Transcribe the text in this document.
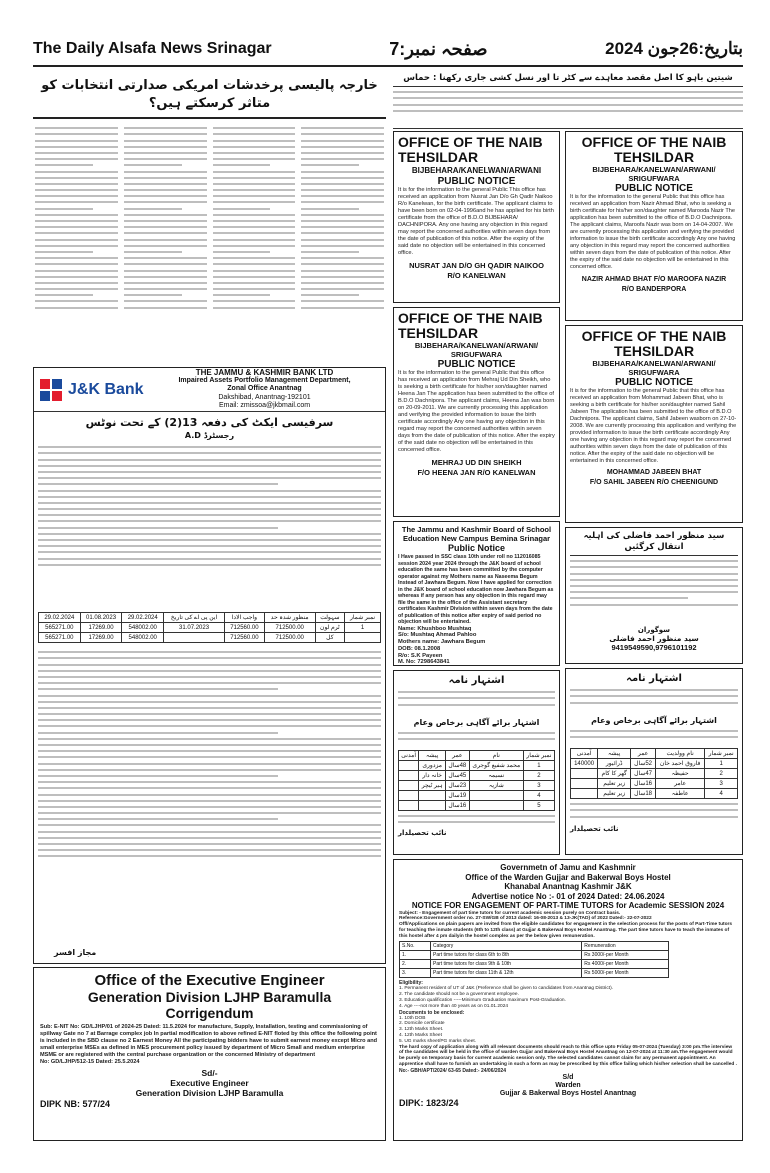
The Daily Alsafa News Srinagar	صفحہ نمبر:7	بتاریخ:26جون 2024
خارجہ پالیسی پرخدشات امریکی صدارتی انتخابات کو متاثر کرسکتے ہیں؟
J&K Bank
THE JAMMU & KASHMIR BANK LTD
Impaired Assets Portfolio Management Department,
Zonal Office Anantnag
Dakshibad, Anantnag-192101
Email: zmissoa@jkbmail.com
سرفیسی ایکٹ کی دفعہ 13(2) کے تحت نوٹس
رجسٹرڈ A.D
29.02.2024	01.08.2023	29.02.2024	این پی اے کی تاریخ	واجب الادا	منظور شدہ حد	سہولت	نمبر شمار
565271.00	17269.00	548002.00	31.07.2023	712560.00	712500.00	ٹرم لون	1
565271.00	17269.00	548002.00		712560.00	712500.00	کل	
مجاز افسر
Office of the Executive Engineer
Generation Division LJHP Baramulla
Corrigendum
Sub: E-NIT No: GD/LJHP/01 of 2024-25 Dated: 11.5.2024 for manufacture, Supply, Installation, testing and commissioning of spillway Gate no 7 at Barrage complex job In partial modification to above refined E-NIT floted by this office the following point is included in the SBD clause no 2 Earnest Money All the participating bidders have to submit earnest money except Micro and small enterprise MSEs as defined in MES procurement policy issued by department of Micro Small and medium enterprise MSME or are registered with the central purchase organization or the concerned Ministry of department
No: GD/LJHP/512-15 Dated: 25.5.2024
Sd/-
Executive Engineer
Generation Division LJHP Baramulla
DIPK NB: 577/24
شیتین باہو کا اصل مقصد معاہدے سے کٹر تا اور نسل کشی جاری رکھنا : حماس
OFFICE OF THE NAIB
TEHSILDAR
BIJBEHARA/KANELWAN/ARWANI
PUBLIC NOTICE
It is for the information to the general Public This office has received an application from Nusrat Jan D/o Gh Qadir Naikoo R/o Kanelwan, for the birth certificate. The applicant claims to have been born on 02-04-1996and he has applied for his birth certificate from the office of B.D.O BIJBEHARA/ DACHNIPORA. Any one having any objection in this regard may report the concerned authorities within seven days from the date of publication of this notice. After the expiry of the said date no objection will be entertained in this concerned office.
NUSRAT JAN D/O GH QADIR NAIKOO
R/O KANELWAN
OFFICE OF THE NAIB
TEHSILDAR
BIJBEHARA/KANELWAN/ARWANI/
SRIGUFWARA
PUBLIC NOTICE
It is for the information to the general Public that this office has received an application from Nazir Ahmad Bhat, who is seeking a birth certificate for his/her son/daughter named Marooda Nazir The application has been submitted to the office of B.D.O Dachnipora. The applicant claims, Maroofa Nazir was born on 14-04-2007. We are currently processing this application and verifying the provided information to issue the birth certificate accordingly Any one having any objection in this regard may report the concerned authorities within seven days from the date of publication of this notice. After the expiry of the said date no objection will be entertained in this concerned office.
NAZIR AHMAD BHAT F/O MAROOFA NAZIR
R/O BANDERPORA
OFFICE OF THE NAIB
TEHSILDAR
BIJBEHARA/KANELWAN/ARWANI/
SRIGUFWARA
PUBLIC NOTICE
It is for the information to the general Public that this office has received an application from Mehraj Ud Din Sheikh, who is seeking a birth certificate for his/her son/daughter named Heena Jan The application has been submitted to the office of B.D.O Dachnipora. The applicant claims, Heena Jan was born on 20-09-2011. We are currently processing this application and verifying the provided information to issue the birth certificate accordingly Any one having any objection in this regard may report the concerned authorities within seven days from the date of publication of this notice. After the expiry of the said date no objection will be entertained in this concerned office.
MEHRAJ UD DIN SHEIKH
F/O HEENA JAN R/O KANELWAN
OFFICE OF THE NAIB
TEHSILDAR
BIJBEHARA/KANELWAN/ARWANI/
SRIGUFWARA
PUBLIC NOTICE
It is for the information to the general Public that this office has received an application from Mohammad Jabeen Bhat, who is seeking a birth certificate for his/her son/daughter named Sahil Jabeen The application has been submitted to the office of B.D.O Dachnipora. The applicant claims, Sahil Jabeen wasborn on 27-10-2008. We are currently processing this application and verifying the provided information to issue the birth certificate accordingly Any one having any objection in this regard may report the concerned authorities within seven days from the date of publication of this notice. After the expiry of the said date no objection will be entertained in this concerned office.
MOHAMMAD JABEEN BHAT
F/O SAHIL JABEEN R/O CHEENIGUND
The Jammu and Kashmir Board of School
Education New Campus Bemina Srinagar
Public Notice
I Have passed in SSC class 10th under roll no 112016085 session 2024 year 2024 through the J&K board of school education the same has been committed by the computer operator against my Mothers name as Naseema Begum Instead of Jawhara Begum. Now I have applied for correction in the J&K board of school education now Jawhara Begum as whereas if any person has any objection in this regard may file the same in the office of the Assistant secretary certificates Kashmir Division within seven days from the date of publication of this notice after expiry of said period no objection will be entertained.
Name: Khushboo Mushtaq
S/o: Mushtaq Ahmad Pahloo
Mothers name: Jawhara Begum
DOB: 08.1.2008
R/o: S.K Payeen
M. No: 7298643841
سید منظور احمد فاضلی کی اہلیہ انتقال کرگئیں
سوگوران
سید منظور احمد فاضلی
9419549590,9796101192
اشتہار نامہ
اشتہار برائے آگاہی برخاص وعام
نمبر شمار	نام	عمر	پیشہ	آمدنی
1	محمد شفیع گوجری	48سال	مزدوری	
2	نسیمہ	45سال	خانہ دار	
3	شازیہ	23سال	ہیر ٹیچر	
4		19سال		
5		16سال		
نائب تحصیلدار
اشتہار نامہ
اشتہار برائے آگاہی برخاص وعام
نمبر شمار	نام وولدیت	عمر	پیشہ	آمدنی
1	فاروق احمد خان	52سال	ڈرائیور	140000
2	حفیظہ	47سال	گھر کا کام	
3	عامر	16سال	زیر تعلیم	
4	عاطفہ	18سال	زیر تعلیم	
نائب تحصیلدار
Governmetn of Jamu and Kashmnir
Office of the Warden Gujjar and Bakerwal Boys Hostel
Khanabal Anantnag Kashmir J&K
Advertise notice No :- 01 of 2024 Dated: 24.06.2024
NOTICE FOR ENGAGEMENT OF PART-TIME TUTORS for Academic SESSION 2024
Subject: - Engagement of part time tutors for current academic session purely on Contract basis.
Reference:Government order no. 27-SW/GB of 2013 dated: 16-08-2013 & 13-JK(TAD) of 2022 Dated:- 22-07-2022
Offl/Applications on plain papers are invited from the eligible candidates for engagement in the selection process for the posts of Part-Time tutors for teaching the inmate students (6th to 12th class) at Gujjar & Bakerwal Boys Hostel Anantnag. The part time tutors have to teach the inmates of this hostel after 4 pm dailyin the hostel complex as per the below given remuneration.
S.No.	Category	Remuneration
1.	Part time tutors for class 6th to 8th	Rs 3000/-per Month
2.	Part time tutors for class 9th & 10th	Rs 4000/-per Month
3.	Part time tutors for class 11th & 12th	Rs 5000/-per Month
Eligibility:
1. Permanent resident of UT of J&K (Preference shall be given to candidates from Anantnag District).
2. The candidate should not be a government employee.
3. Education qualification -----Minimum Graduation maximum Post-Graduation.
4. Age ----not more than 40 years as on 01.01.2024
Documents to be enclosed:
1. 10th DOB
2. Domicile certificate
3. 12th Marks Sheet.
4. 12th Marks Sheet
5. UG marks sheet/PG marks sheet.
The hard copy of application along with all relevant documents should reach to this office upto Friday 05-07-2024 (Tuesday) 3:00 pm.The interview of the candidates will be held in the office of warden Gujjar and Bakerwal Boys Hostel Anantnag on 12-07-2024 at 11:30 am.The engagement would be purely on temporary basis for current academic session only. The selected candidates cannot claim for any permanent appointment. An apprentice shall have to furnish an undertaking in such a form as may be prescribed by this office failing which his/her selection shall be cancelled .
No:- GBH/APT/2024/ 63-65 Dated:- 24/06/2024
S/d
Warden
Gujjar & Bakerwal Boys Hostel Anantnag
DIPK: 1823/24
